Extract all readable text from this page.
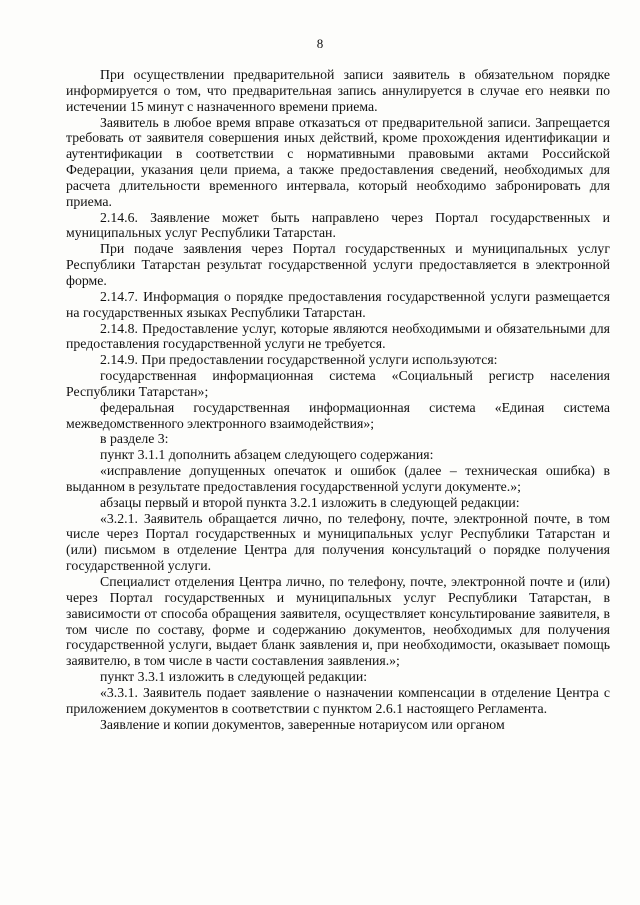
8

При осуществлении предварительной записи заявитель в обязательном порядке информируется о том, что предварительная запись аннулируется в случае его неявки по истечении 15 минут с назначенного времени приема.

Заявитель в любое время вправе отказаться от предварительной записи. Запрещается требовать от заявителя совершения иных действий, кроме прохождения идентификации и аутентификации в соответствии с нормативными правовыми актами Российской Федерации, указания цели приема, а также предоставления сведений, необходимых для расчета длительности временного интервала, который необходимо забронировать для приема.

2.14.6. Заявление может быть направлено через Портал государственных и муниципальных услуг Республики Татарстан.

При подаче заявления через Портал государственных и муниципальных услуг Республики Татарстан результат государственной услуги предоставляется в электронной форме.

2.14.7. Информация о порядке предоставления государственной услуги размещается на государственных языках Республики Татарстан.

2.14.8. Предоставление услуг, которые являются необходимыми и обязательными для предоставления государственной услуги не требуется.

2.14.9. При предоставлении государственной услуги используются:

государственная информационная система «Социальный регистр населения Республики Татарстан»;

федеральная государственная информационная система «Единая система межведомственного электронного взаимодействия»;

в разделе 3:

пункт 3.1.1 дополнить абзацем следующего содержания:

«исправление допущенных опечаток и ошибок (далее – техническая ошибка) в выданном в результате предоставления государственной услуги документе.»;

абзацы первый и второй пункта 3.2.1 изложить в следующей редакции:

«3.2.1. Заявитель обращается лично, по телефону, почте, электронной почте, в том числе через Портал государственных и муниципальных услуг Республики Татарстан и (или) письмом в отделение Центра для получения консультаций о порядке получения государственной услуги.

Специалист отделения Центра лично, по телефону, почте, электронной почте и (или) через Портал государственных и муниципальных услуг Республики Татарстан, в зависимости от способа обращения заявителя, осуществляет консультирование заявителя, в том числе по составу, форме и содержанию документов, необходимых для получения государственной услуги, выдает бланк заявления и, при необходимости, оказывает помощь заявителю, в том числе в части составления заявления.»;

пункт 3.3.1 изложить в следующей редакции:

«3.3.1. Заявитель подает заявление о назначении компенсации в отделение Центра с приложением документов в соответствии с пунктом 2.6.1 настоящего Регламента.

Заявление и копии документов, заверенные нотариусом или органом
